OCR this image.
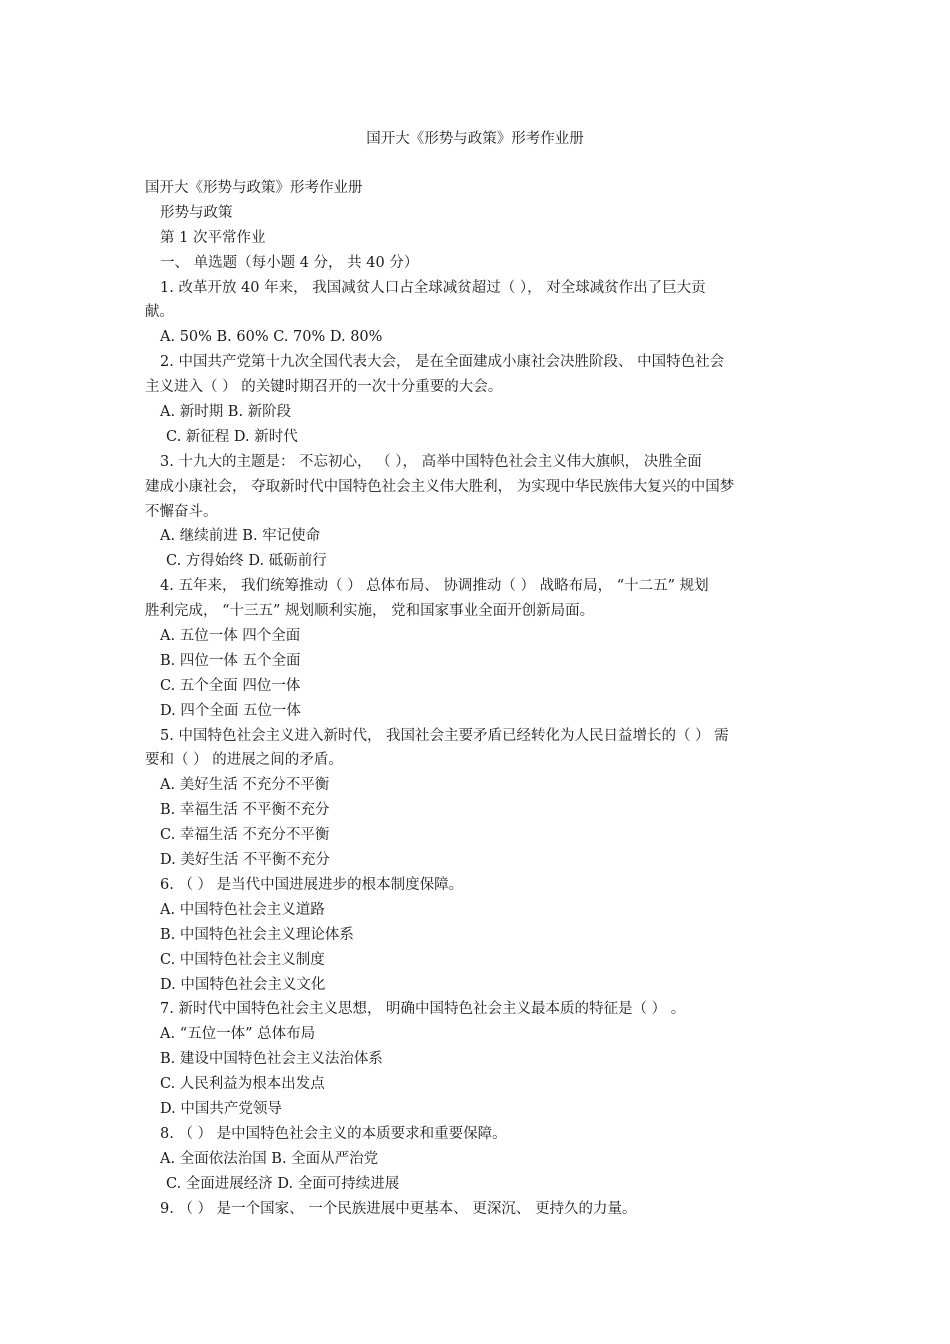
国开大《形势与政策》形考作业册
国开大《形势与政策》形考作业册
形势与政策
第 1 次平常作业
一、 单选题（每小题 4 分， 共 40 分）
1. 改革开放 40 年来， 我国减贫人口占全球减贫超过（ ）， 对全球减贫作出了巨大贡
献。
A. 50% B. 60% C. 70% D. 80%
2. 中国共产党第十九次全国代表大会， 是在全面建成小康社会决胜阶段、 中国特色社会
主义进入（ ） 的关键时期召开的一次十分重要的大会。
A. 新时期 B. 新阶段
C. 新征程 D. 新时代
3. 十九大的主题是： 不忘初心， （ ）， 高举中国特色社会主义伟大旗帜， 决胜全面
建成小康社会， 夺取新时代中国特色社会主义伟大胜利， 为实现中华民族伟大复兴的中国梦
不懈奋斗。
A. 继续前进 B. 牢记使命
C. 方得始终 D. 砥砺前行
4. 五年来， 我们统筹推动（ ） 总体布局、 协调推动（ ） 战略布局， “十二五” 规划
胜利完成， “十三五” 规划顺利实施， 党和国家事业全面开创新局面。
A. 五位一体 四个全面
B. 四位一体 五个全面
C. 五个全面 四位一体
D. 四个全面 五位一体
5. 中国特色社会主义进入新时代， 我国社会主要矛盾已经转化为人民日益增长的（ ） 需
要和（ ） 的进展之间的矛盾。
A. 美好生活 不充分不平衡
B. 幸福生活 不平衡不充分
C. 幸福生活 不充分不平衡
D. 美好生活 不平衡不充分
6. （ ） 是当代中国进展进步的根本制度保障。
A. 中国特色社会主义道路
B. 中国特色社会主义理论体系
C. 中国特色社会主义制度
D. 中国特色社会主义文化
7. 新时代中国特色社会主义思想， 明确中国特色社会主义最本质的特征是（ ） 。
A. “五位一体” 总体布局
B. 建设中国特色社会主义法治体系
C. 人民利益为根本出发点
D. 中国共产党领导
8. （ ） 是中国特色社会主义的本质要求和重要保障。
A. 全面依法治国 B. 全面从严治党
C. 全面进展经济 D. 全面可持续进展
9. （ ） 是一个国家、 一个民族进展中更基本、 更深沉、 更持久的力量。
